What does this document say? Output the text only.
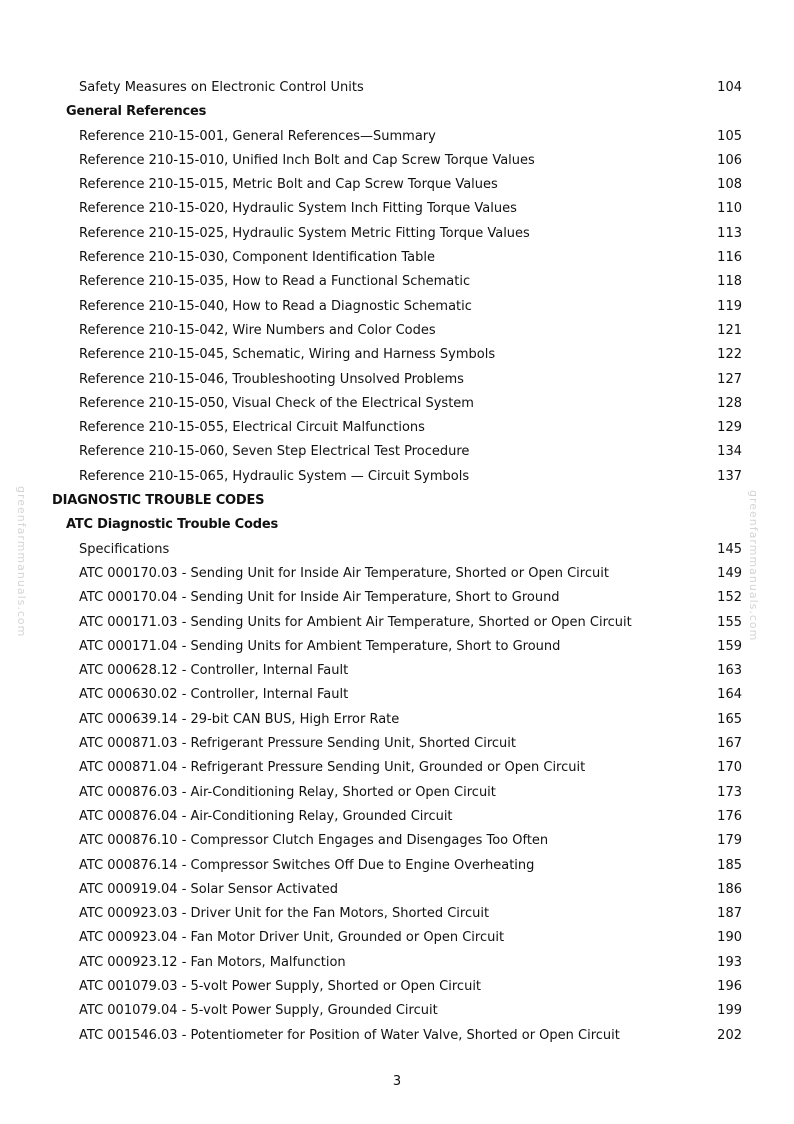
greenfarmmanuals.com	greenfarmmanuals.com
Safety Measures on Electronic Control Units	104
General References
Reference 210-15-001, General References—Summary	105
Reference 210-15-010, Unified Inch Bolt and Cap Screw Torque Values	106
Reference 210-15-015, Metric Bolt and Cap Screw Torque Values	108
Reference 210-15-020, Hydraulic System Inch Fitting Torque Values	110
Reference 210-15-025, Hydraulic System Metric Fitting Torque Values	113
Reference 210-15-030, Component Identification Table	116
Reference 210-15-035, How to Read a Functional Schematic	118
Reference 210-15-040, How to Read a Diagnostic Schematic	119
Reference 210-15-042, Wire Numbers and Color Codes	121
Reference 210-15-045, Schematic, Wiring and Harness Symbols	122
Reference 210-15-046, Troubleshooting Unsolved Problems	127
Reference 210-15-050, Visual Check of the Electrical System	128
Reference 210-15-055, Electrical Circuit Malfunctions	129
Reference 210-15-060, Seven Step Electrical Test Procedure	134
Reference 210-15-065, Hydraulic System — Circuit Symbols	137
DIAGNOSTIC TROUBLE CODES
ATC Diagnostic Trouble Codes
Specifications	145
ATC 000170.03 - Sending Unit for Inside Air Temperature, Shorted or Open Circuit	149
ATC 000170.04 - Sending Unit for Inside Air Temperature, Short to Ground	152
ATC 000171.03 - Sending Units for Ambient Air Temperature, Shorted or Open Circuit	155
ATC 000171.04 - Sending Units for Ambient Temperature, Short to Ground	159
ATC 000628.12 - Controller, Internal Fault	163
ATC 000630.02 - Controller, Internal Fault	164
ATC 000639.14 - 29-bit CAN BUS, High Error Rate	165
ATC 000871.03 - Refrigerant Pressure Sending Unit, Shorted Circuit	167
ATC 000871.04 - Refrigerant Pressure Sending Unit, Grounded or Open Circuit	170
ATC 000876.03 - Air-Conditioning Relay, Shorted or Open Circuit	173
ATC 000876.04 - Air-Conditioning Relay, Grounded Circuit	176
ATC 000876.10 - Compressor Clutch Engages and Disengages Too Often	179
ATC 000876.14 - Compressor Switches Off Due to Engine Overheating	185
ATC 000919.04 - Solar Sensor Activated	186
ATC 000923.03 - Driver Unit for the Fan Motors, Shorted Circuit	187
ATC 000923.04 - Fan Motor Driver Unit, Grounded or Open Circuit	190
ATC 000923.12 - Fan Motors, Malfunction	193
ATC 001079.03 - 5-volt Power Supply, Shorted or Open Circuit	196
ATC 001079.04 - 5-volt Power Supply, Grounded Circuit	199
ATC 001546.03 - Potentiometer for Position of Water Valve, Shorted or Open Circuit	202
3
